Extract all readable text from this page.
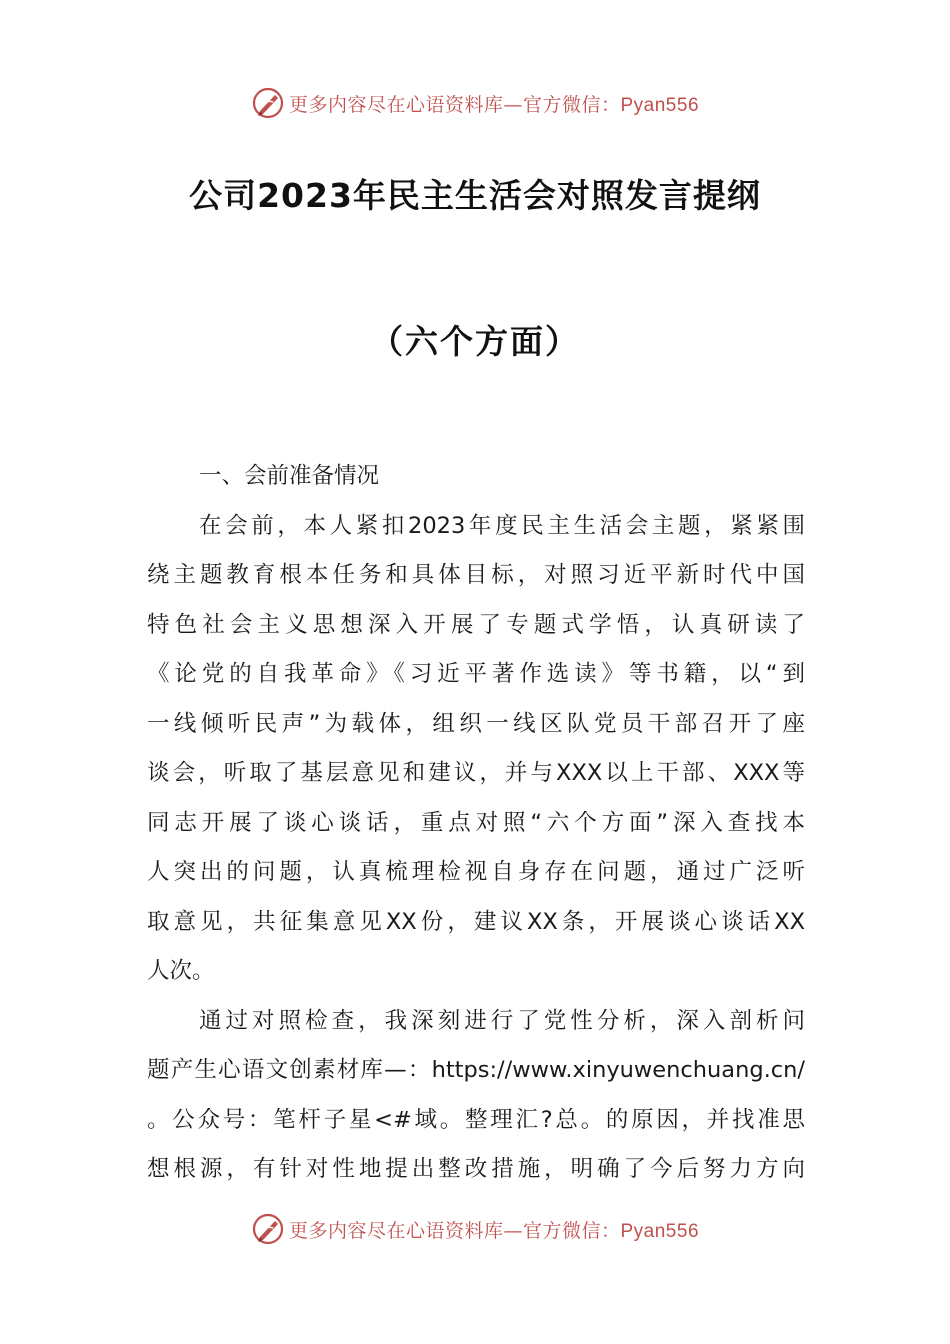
更多内容尽在心语资料库—官方微信：Pyan556
公司2023年民主生活会对照发言提纲
（六个方面）
一、会前准备情况
在会前，本人紧扣2023年度民主生活会主题，紧紧围
绕主题教育根本任务和具体目标，对照习近平新时代中国
特色社会主义思想深入开展了专题式学悟，认真研读了
《论党的自我革命》《习近平著作选读》等书籍，以“到
一线倾听民声”为载体，组织一线区队党员干部召开了座
谈会，听取了基层意见和建议，并与XXX以上干部、XXX等
同志开展了谈心谈话，重点对照“六个方面”深入查找本
人突出的问题，认真梳理检视自身存在问题，通过广泛听
取意见，共征集意见XX份，建议XX条，开展谈心谈话XX
人次。
通过对照检查，我深刻进行了党性分析，深入剖析问
题产生心语文创素材库—：https://www.xinyuwenchuang.cn/
。公众号：笔杆子星<#域。整理汇?总。的原因，并找准思
想根源，有针对性地提出整改措施，明确了今后努力方向
更多内容尽在心语资料库—官方微信：Pyan556
